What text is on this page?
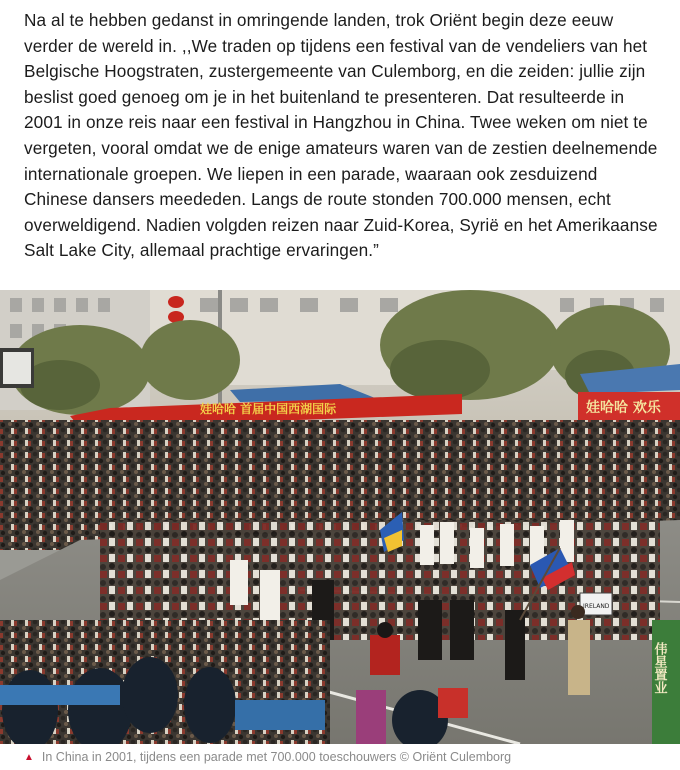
Na al te hebben gedanst in omringende landen, trok Oriënt begin deze eeuw verder de wereld in. ,,We traden op tijdens een festival van de vendeliers van het Belgische Hoogstraten, zustergemeente van Culemborg, en die zeiden: jullie zijn beslist goed genoeg om je in het buitenland te presenteren. Dat resulteerde in 2001 in onze reis naar een festival in Hangzhou in China. Twee weken om niet te vergeten, vooral omdat we de enige amateurs waren van de zestien deelnemende internationale groepen. We liepen in een parade, waaraan ook zesduizend Chinese dansers meededen. Langs de route stonden 700.000 mensen, echt overweldigend. Nadien volgden reizen naar Zuid-Korea, Syrië en het Amerikaanse Salt Lake City, allemaal prachtige ervaringen.”

娃哈哈 首届中国西湖国际	娃哈哈 欢乐
IRELAND
伟星置业
▲ In China in 2001, tijdens een parade met 700.000 toeschouwers © Oriënt Culemborg
